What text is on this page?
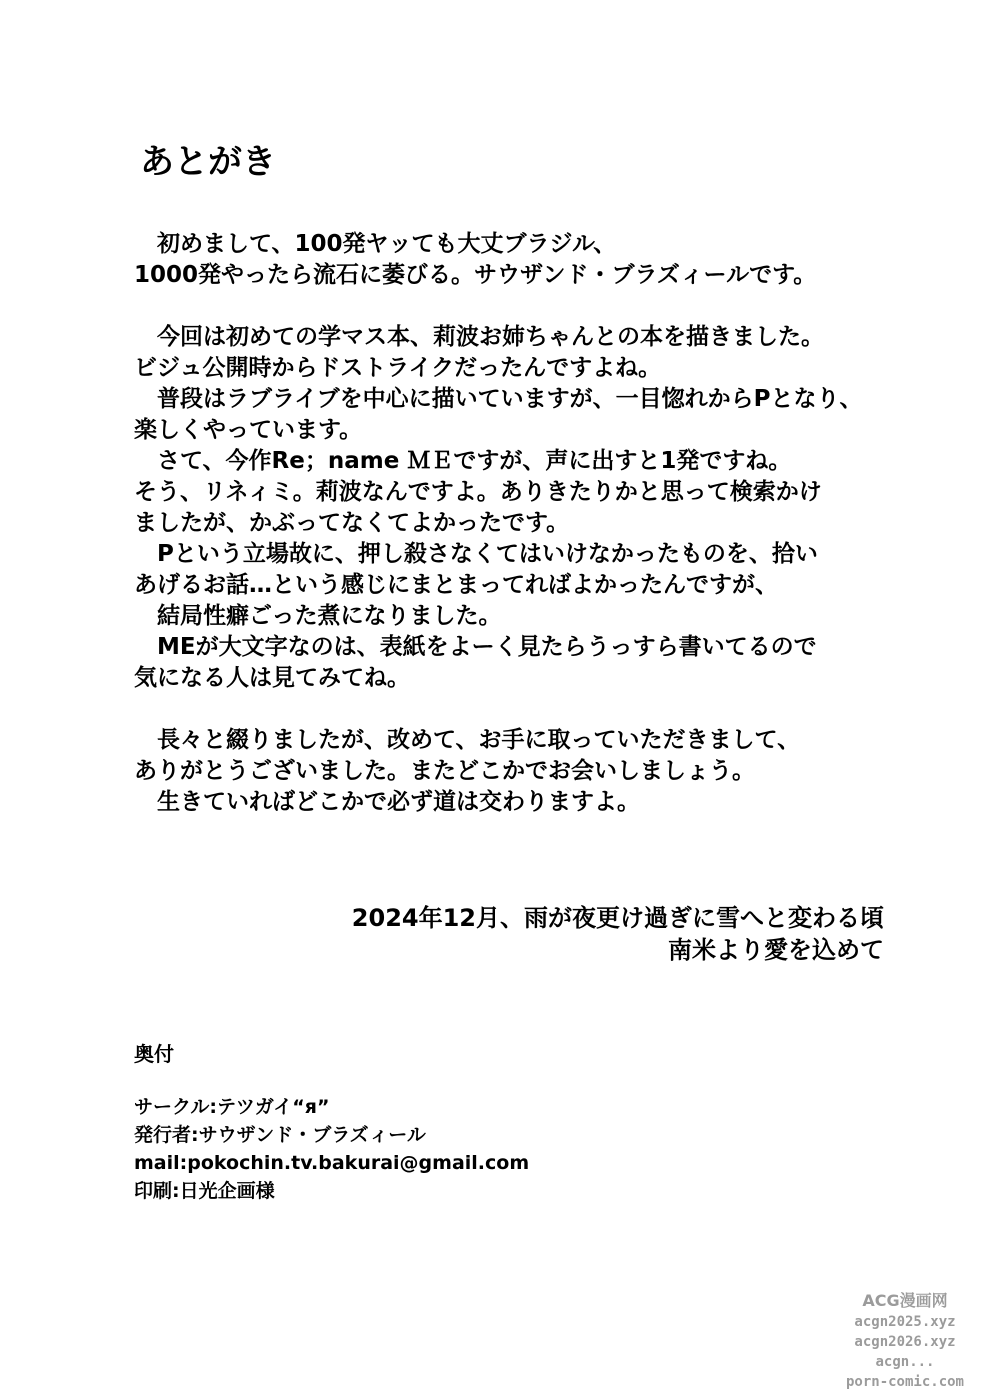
あとがき
　初めまして、100発ヤッても大丈ブラジル、
1000発やったら流石に萎びる。サウザンド・ブラズィールです。
　今回は初めての学マス本、莉波お姉ちゃんとの本を描きました。
ビジュ公開時からドストライクだったんですよね。
　普段はラブライブを中心に描いていますが、一目惚れからPとなり、
楽しくやっています。
　さて、今作Re；name ＭＥですが、声に出すと1発ですね。
そう、リネィミ。莉波なんですよ。ありきたりかと思って検索かけ
ましたが、かぶってなくてよかったです。
　Pという立場故に、押し殺さなくてはいけなかったものを、拾い
あげるお話…という感じにまとまってればよかったんですが、
　結局性癖ごった煮になりました。
　MEが大文字なのは、表紙をよーく見たらうっすら書いてるので
気になる人は見てみてね。
　長々と綴りましたが、改めて、お手に取っていただきまして、
ありがとうございました。またどこかでお会いしましょう。
　生きていればどこかで必ず道は交わりますよ。
2024年12月、雨が夜更け過ぎに雪へと変わる頃
南米より愛を込めて
奥付
サークル:テツガイ“я”
発行者:サウザンド・ブラズィール
mail:pokochin.tv.bakurai@gmail.com
印刷:日光企画様
ACG漫画网
acgn2025.xyz
acgn2026.xyz
acgn...
porn-comic.com
